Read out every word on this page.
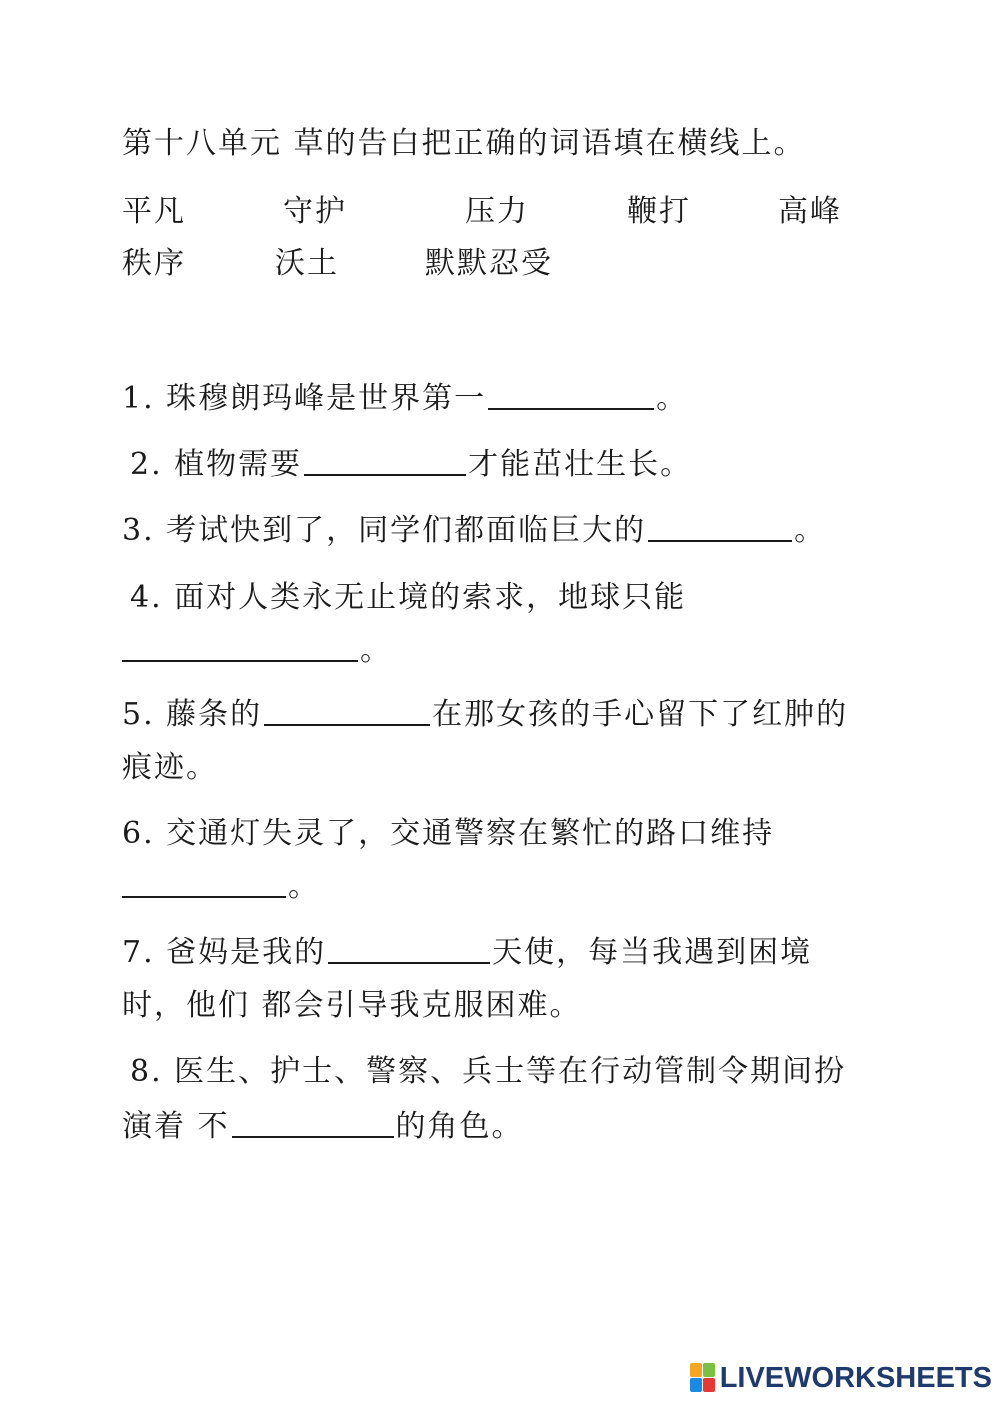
第十八单元 草的告白把正确的词语填在横线上。
平凡	守护	压力	鞭打	高峰
秩序	沃土	默默忍受
1. 珠穆朗玛峰是世界第一	。
2. 植物需要	才能茁壮生长。
3. 考试快到了，同学们都面临巨大的	。
4. 面对人类永无止境的索求，地球只能
。
5. 藤条的	在那女孩的手心留下了红肿的
痕迹。
6. 交通灯失灵了，交通警察在繁忙的路口维持
。
7. 爸妈是我的	天使，每当我遇到困境
时，他们 都会引导我克服困难。
8. 医生、护士、警察、兵士等在行动管制令期间扮
演着 不	的角色。
LIVEWORKSHEETS
